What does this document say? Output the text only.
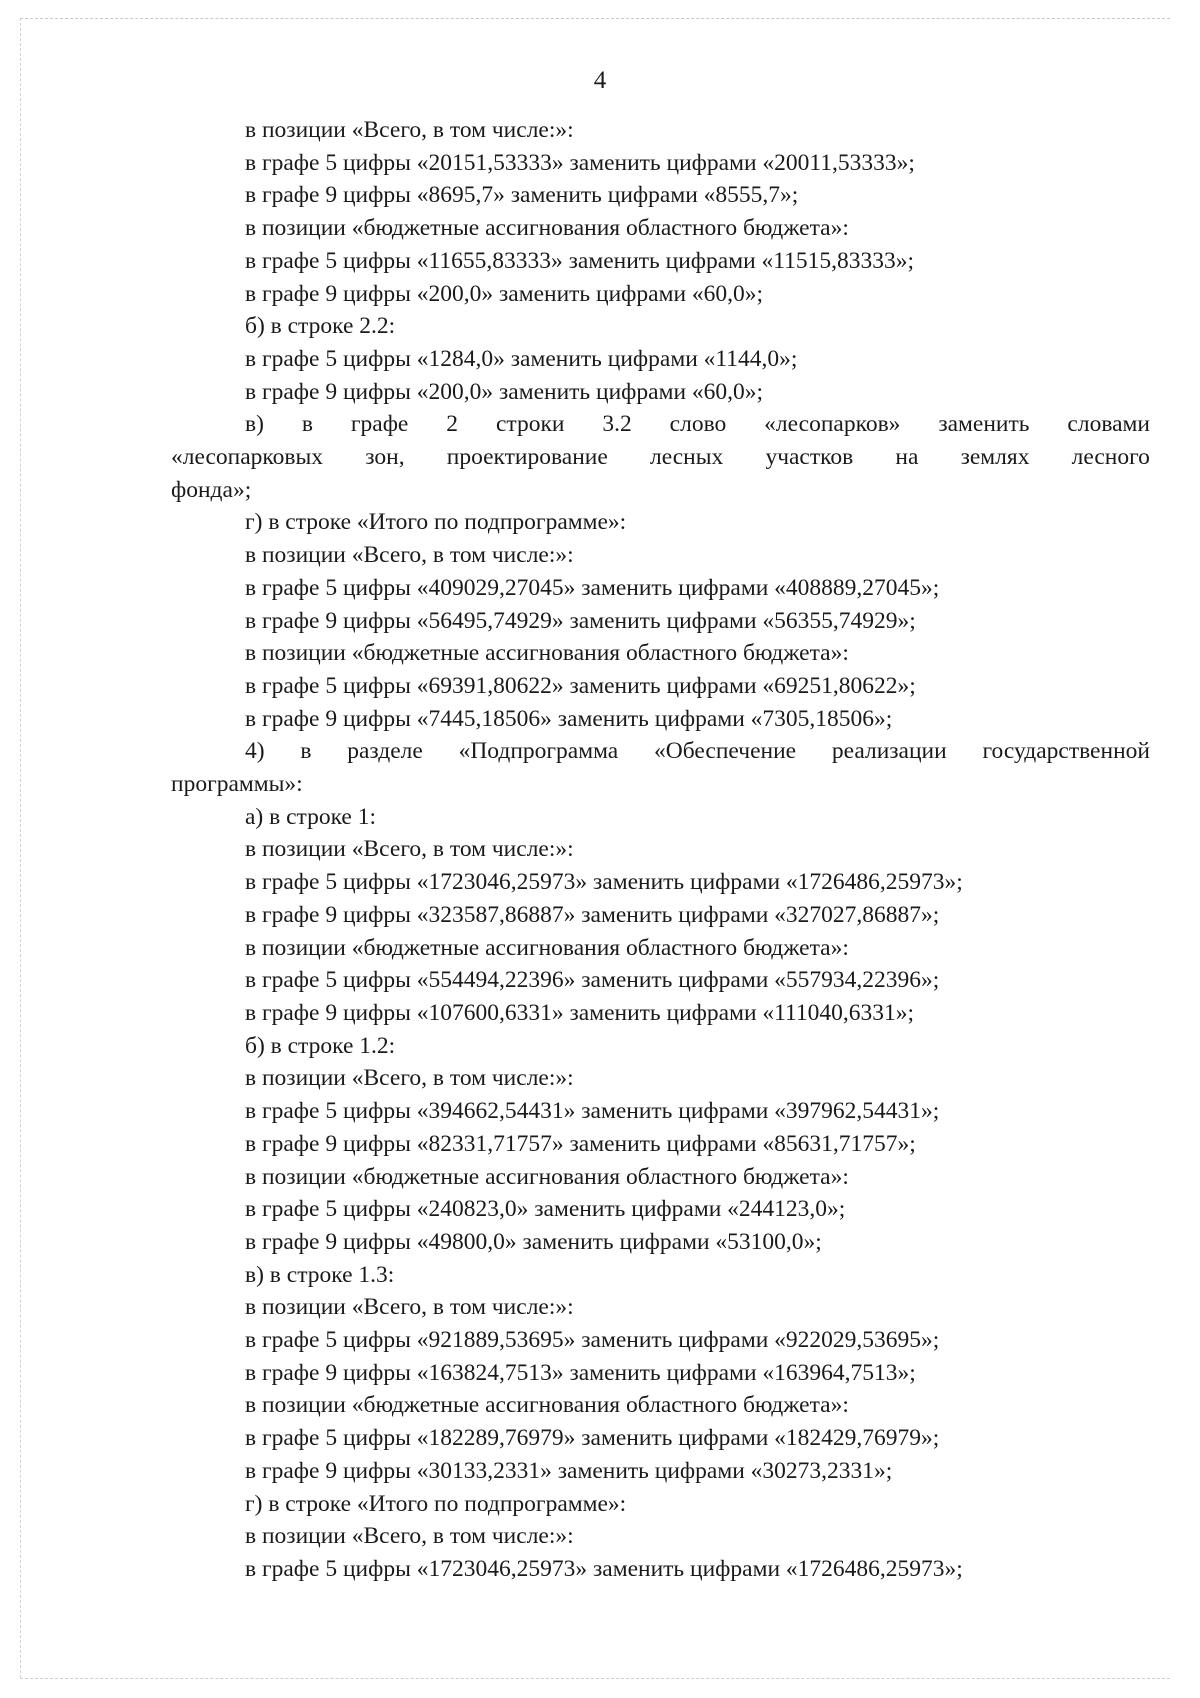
4

в позиции «Всего, в том числе:»:

в графе 5 цифры «20151,53333» заменить цифрами «20011,53333»;

в графе 9 цифры «8695,7» заменить цифрами «8555,7»;

в позиции «бюджетные ассигнования областного бюджета»:

в графе 5 цифры «11655,83333» заменить цифрами «11515,83333»;

в графе 9 цифры «200,0» заменить цифрами «60,0»;

б) в строке 2.2:

в графе 5 цифры «1284,0» заменить цифрами «1144,0»;

в графе 9 цифры «200,0» заменить цифрами «60,0»;

в) в графе 2 строки 3.2 слово «лесопарков» заменить словами
«лесопарковых зон, проектирование лесных участков на землях лесного

фонда»;

г) в строке «Итого по подпрограмме»:

в позиции «Всего, в том числе:»:

в графе 5 цифры «409029,27045» заменить цифрами «408889,27045»;

в графе 9 цифры «56495,74929» заменить цифрами «56355,74929»;

в позиции «бюджетные ассигнования областного бюджета»:

в графе 5 цифры «69391,80622» заменить цифрами «69251,80622»;

в графе 9 цифры «7445,18506» заменить цифрами «7305,18506»;

4) в разделе «Подпрограмма «Обеспечение реализации государственной

программы»:

а) в строке 1:

в позиции «Всего, в том числе:»:

в графе 5 цифры «1723046,25973» заменить цифрами «1726486,25973»;

в графе 9 цифры «323587,86887» заменить цифрами «327027,86887»;

в позиции «бюджетные ассигнования областного бюджета»:

в графе 5 цифры «554494,22396» заменить цифрами «557934,22396»;

в графе 9 цифры «107600,6331» заменить цифрами «111040,6331»;

б) в строке 1.2:

в позиции «Всего, в том числе:»:

в графе 5 цифры «394662,54431» заменить цифрами «397962,54431»;

в графе 9 цифры «82331,71757» заменить цифрами «85631,71757»;

в позиции «бюджетные ассигнования областного бюджета»:

в графе 5 цифры «240823,0» заменить цифрами «244123,0»;

в графе 9 цифры «49800,0» заменить цифрами «53100,0»;

в) в строке 1.3:

в позиции «Всего, в том числе:»:

в графе 5 цифры «921889,53695» заменить цифрами «922029,53695»;

в графе 9 цифры «163824,7513» заменить цифрами «163964,7513»;

в позиции «бюджетные ассигнования областного бюджета»:

в графе 5 цифры «182289,76979» заменить цифрами «182429,76979»;

в графе 9 цифры «30133,2331» заменить цифрами «30273,2331»;

г) в строке «Итого по подпрограмме»:

в позиции «Всего, в том числе:»:

в графе 5 цифры «1723046,25973» заменить цифрами «1726486,25973»;
